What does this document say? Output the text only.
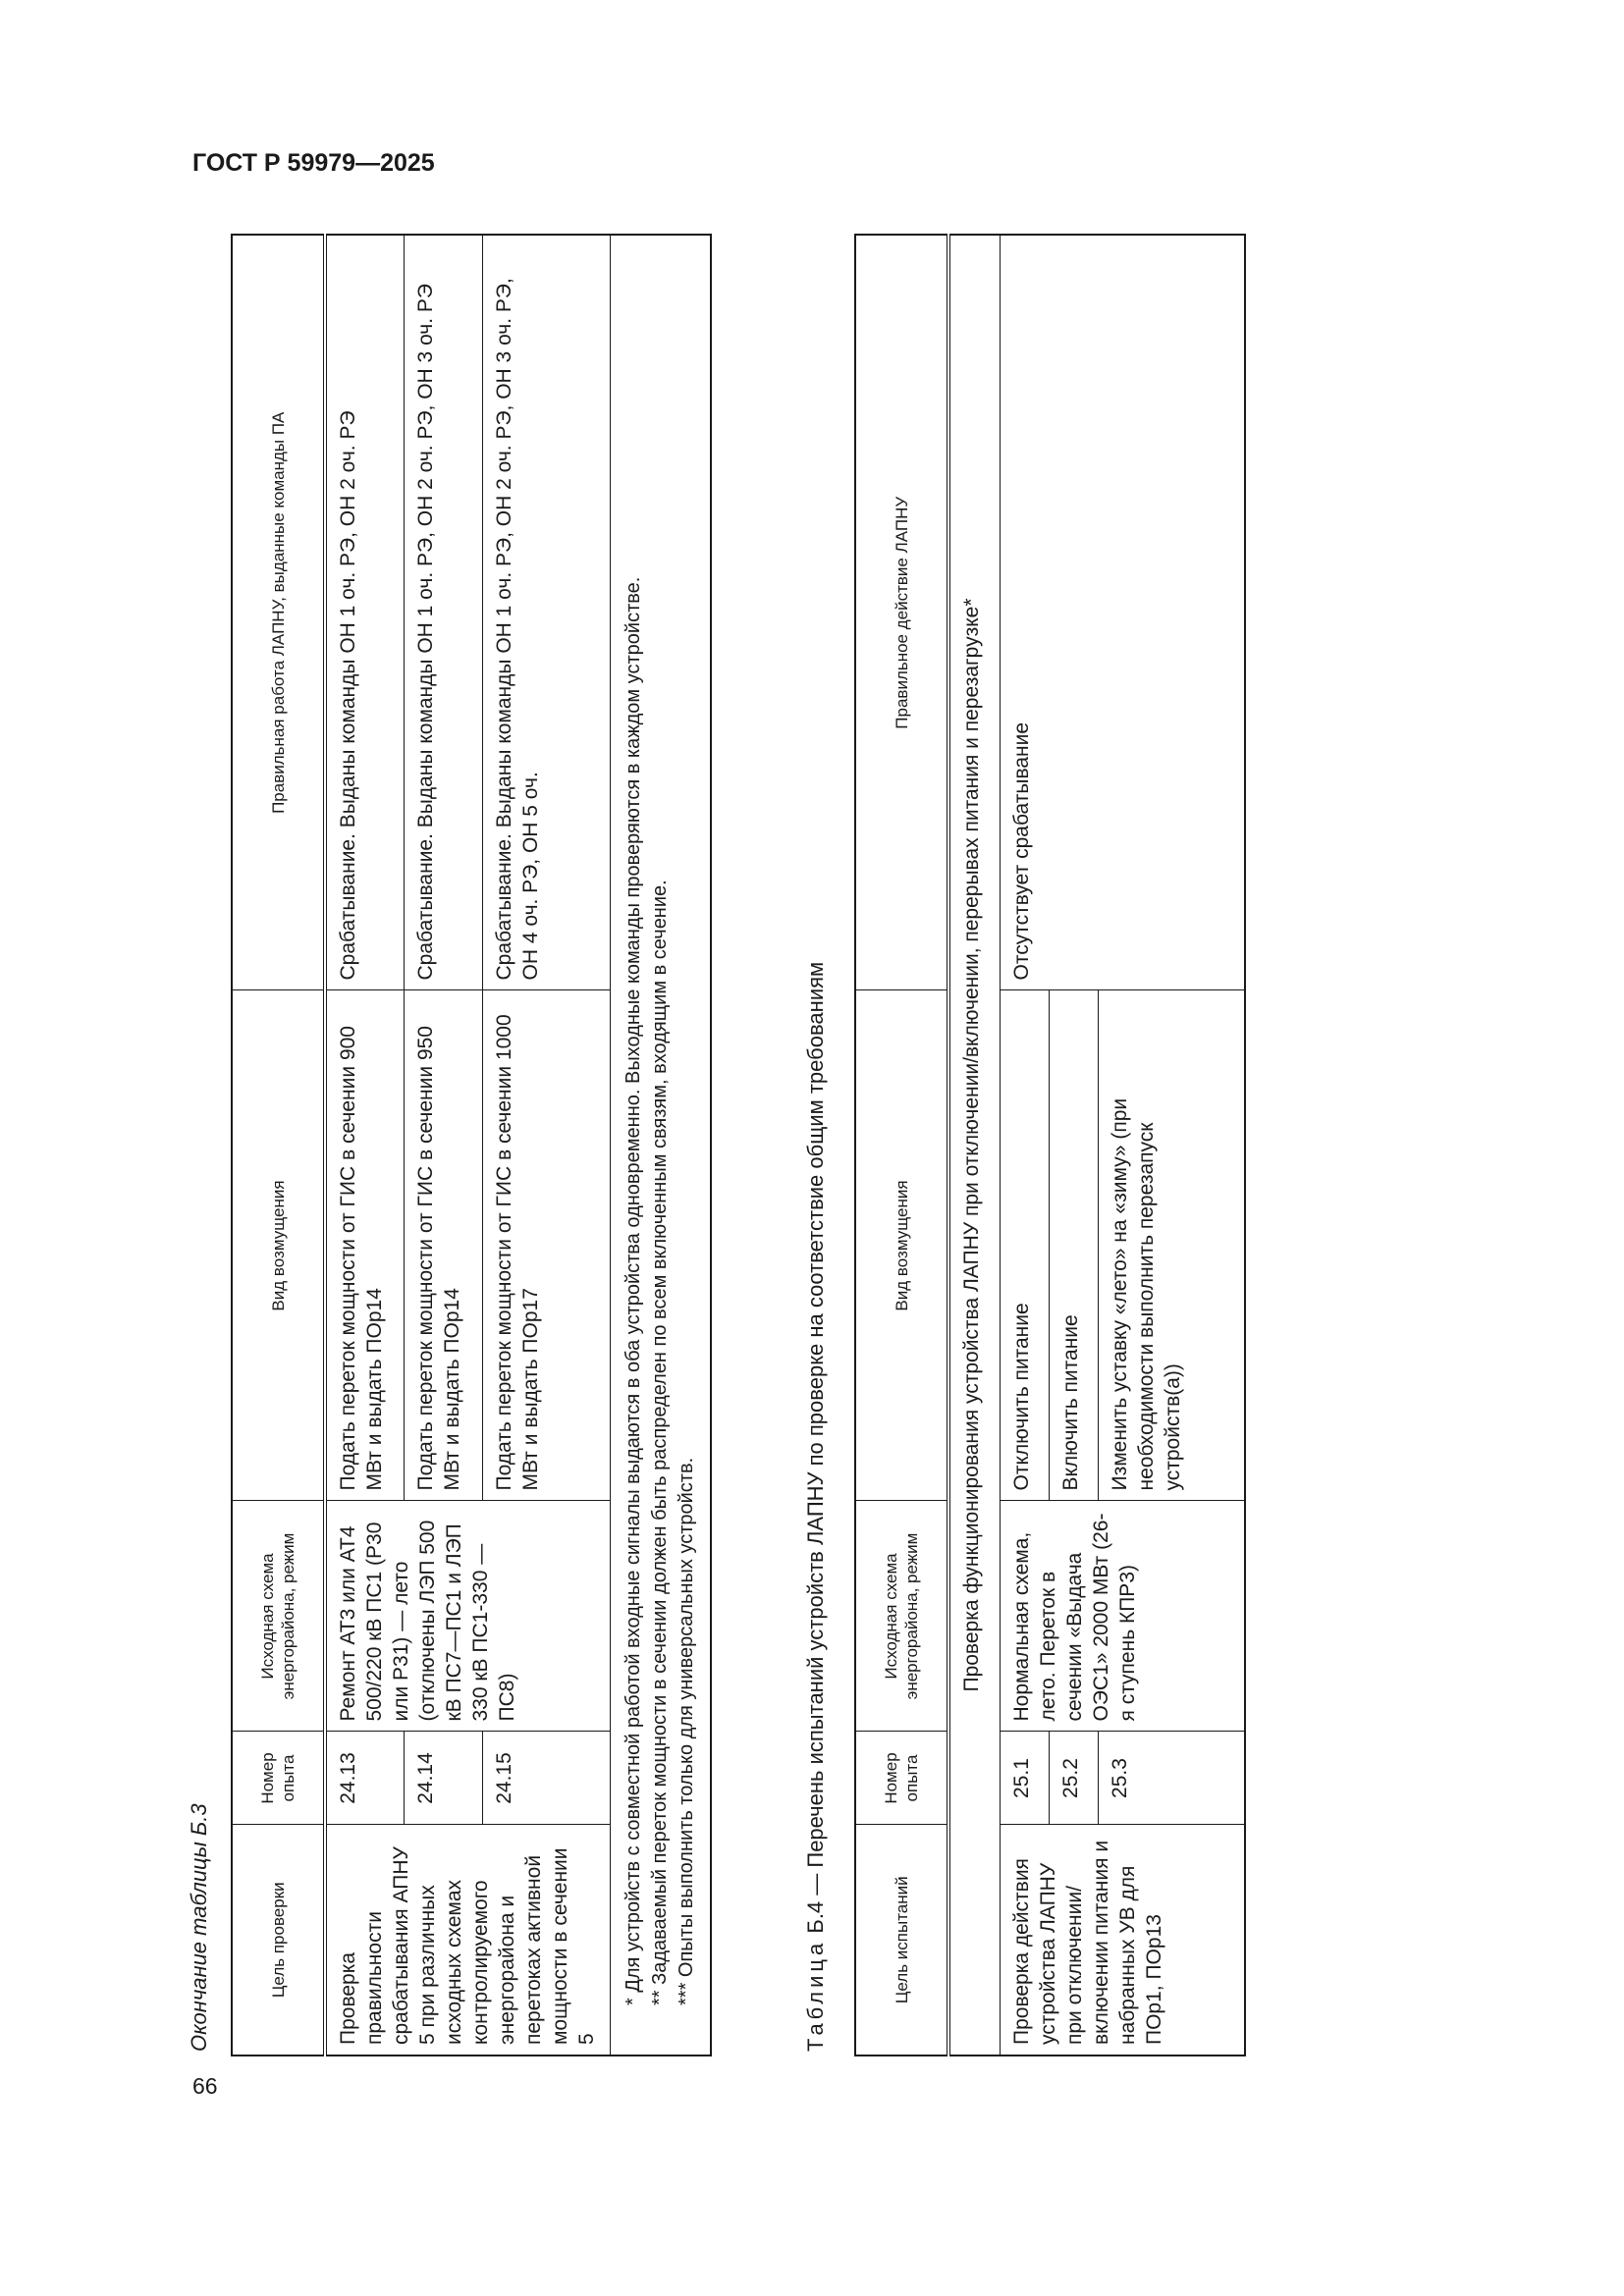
ГОСТ Р 59979—2025
66
Окончание таблицы Б.3	Цель проверки	Номер опыта	Исходная схема энергорайона, режим	Вид возмущения	Правильная работа ЛАПНУ, выданные команды ПА
Проверка правильности срабатывания АПНУ 5 при различных исходных схемах контролируемого энергорайона и перетоках активной мощности в сечении 5	24.13	Ремонт АТ3 или АТ4 500/220 кВ ПС1 (Р30 или Р31) — лето (отключены ЛЭП 500 кВ ПС7—ПС1 и ЛЭП 330 кВ ПС1-330 — ПС8)	Подать переток мощности от ГИС в сечении 900 МВт и выдать ПОр14	Срабатывание. Выданы команды ОН 1 оч. РЭ, ОН 2 оч. РЭ
	24.14		Подать переток мощности от ГИС в сечении 950 МВт и выдать ПОр14	Срабатывание. Выданы команды ОН 1 оч. РЭ, ОН 2 оч. РЭ, ОН 3 оч. РЭ
	24.15		Подать переток мощности от ГИС в сечении 1000 МВт и выдать ПОр17	Срабатывание. Выданы команды ОН 1 оч. РЭ, ОН 2 оч. РЭ, ОН 3 оч. РЭ, ОН 4 оч. РЭ, ОН 5 оч.

* Для устройств с совместной работой входные сигналы выдаются в оба устройства одновременно. Выходные команды проверяются в каждом устройстве. ** Задаваемый переток мощности в сечении должен быть распределен по всем включенным связям, входящим в сечение. *** Опыты выполнить только для универсальных устройств.					Таблица Б.4 — Перечень испытаний устройств ЛАПНУ по проверке на соответствие общим требованиям
Цель испытаний	Номер опыта	Исходная схема энергорайона, режим	Вид возмущения	Правильное действие ЛАПНУ
Проверка функционирования устройства ЛАПНУ при отключении/включении, перерывах питания и перезагрузке*				
Проверка действия устройства ЛАПНУ при отключении/включении питания и набранных УВ для ПОр1, ПОр13	25.1	Нормальная схема, лето. Переток в сечении «Выдача ОЭС1» 2000 МВт (26-я ступень КПР3)	Отключить питание	Отсутствует срабатывание
	25.2		Включить питание	
	25.3		Изменить уставку «лето» на «зиму» (при необходимости выполнить перезапуск устройств(а))	
